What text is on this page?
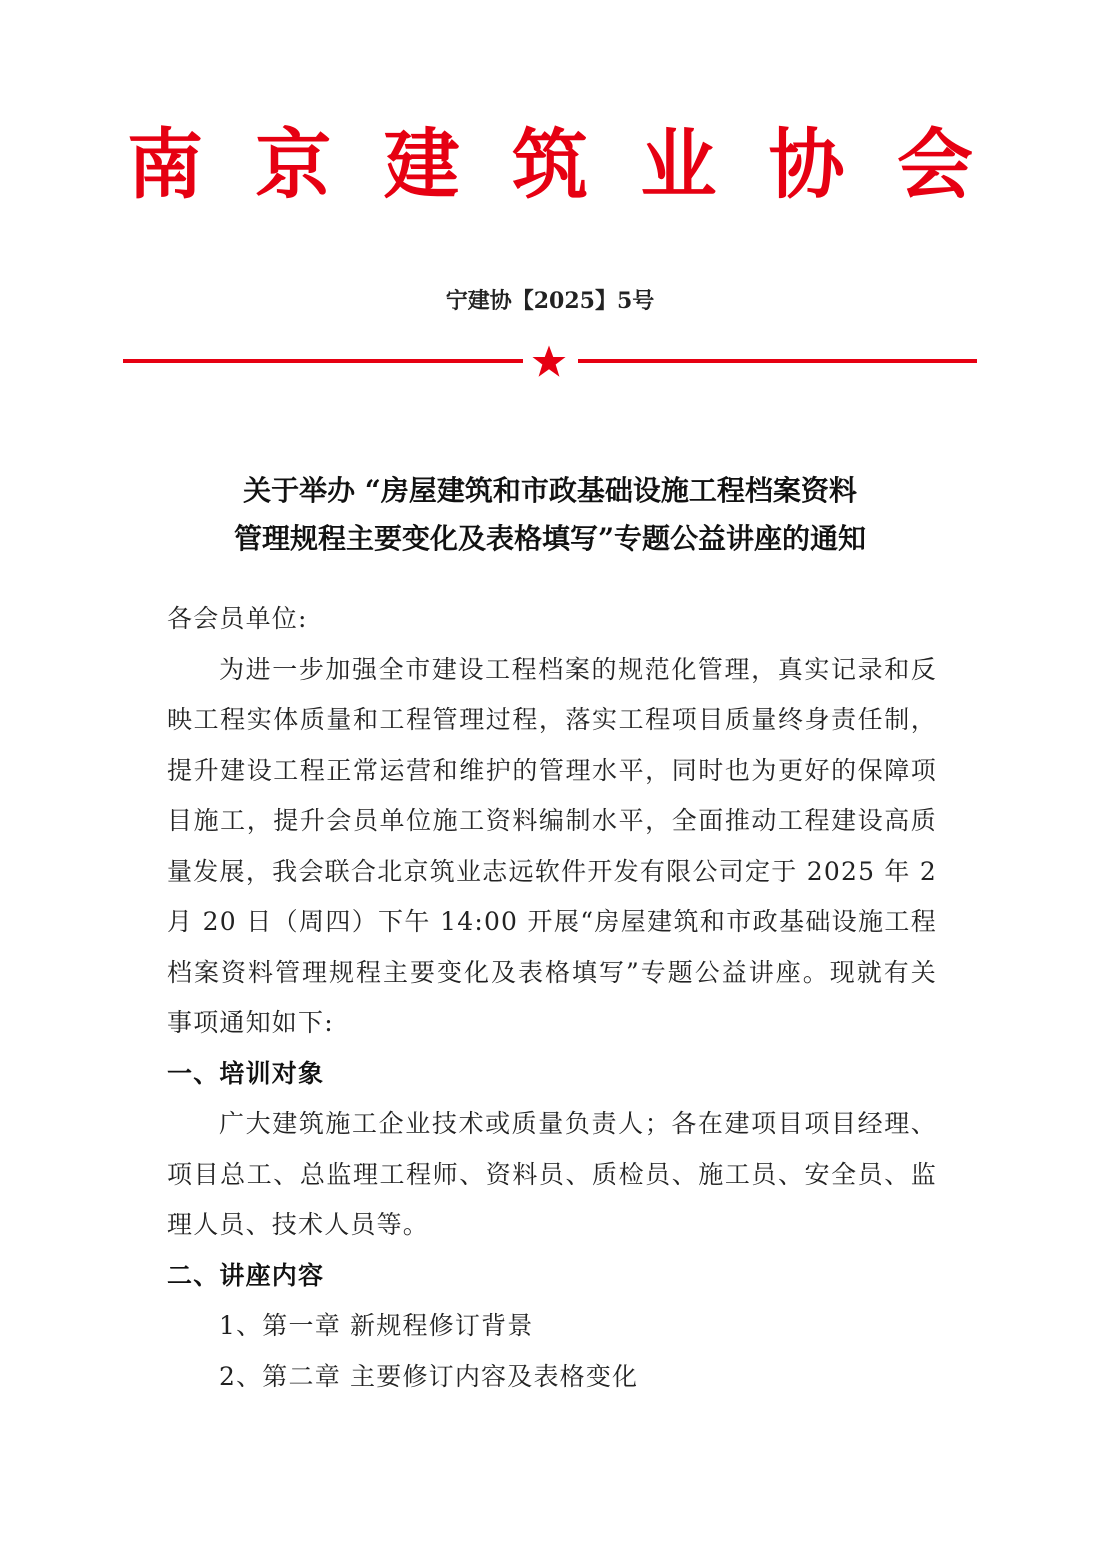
南 京 建 筑 业 协 会
宁建协【2025】5号
关于举办 “房屋建筑和市政基础设施工程档案资料
管理规程主要变化及表格填写”专题公益讲座的通知

各会员单位:

为进一步加强全市建设工程档案的规范化管理，真实记录和反映工程实体质量和工程管理过程，落实工程项目质量终身责任制，提升建设工程正常运营和维护的管理水平，同时也为更好的保障项目施工，提升会员单位施工资料编制水平，全面推动工程建设高质量发展，我会联合北京筑业志远软件开发有限公司定于 2025 年 2 月 20 日（周四）下午 14:00 开展“房屋建筑和市政基础设施工程档案资料管理规程主要变化及表格填写”专题公益讲座。现就有关事项通知如下:

一、培训对象

广大建筑施工企业技术或质量负责人；各在建项目项目经理、项目总工、总监理工程师、资料员、质检员、施工员、安全员、监理人员、技术人员等。

二、讲座内容

1、第一章 新规程修订背景

2、第二章 主要修订内容及表格变化
